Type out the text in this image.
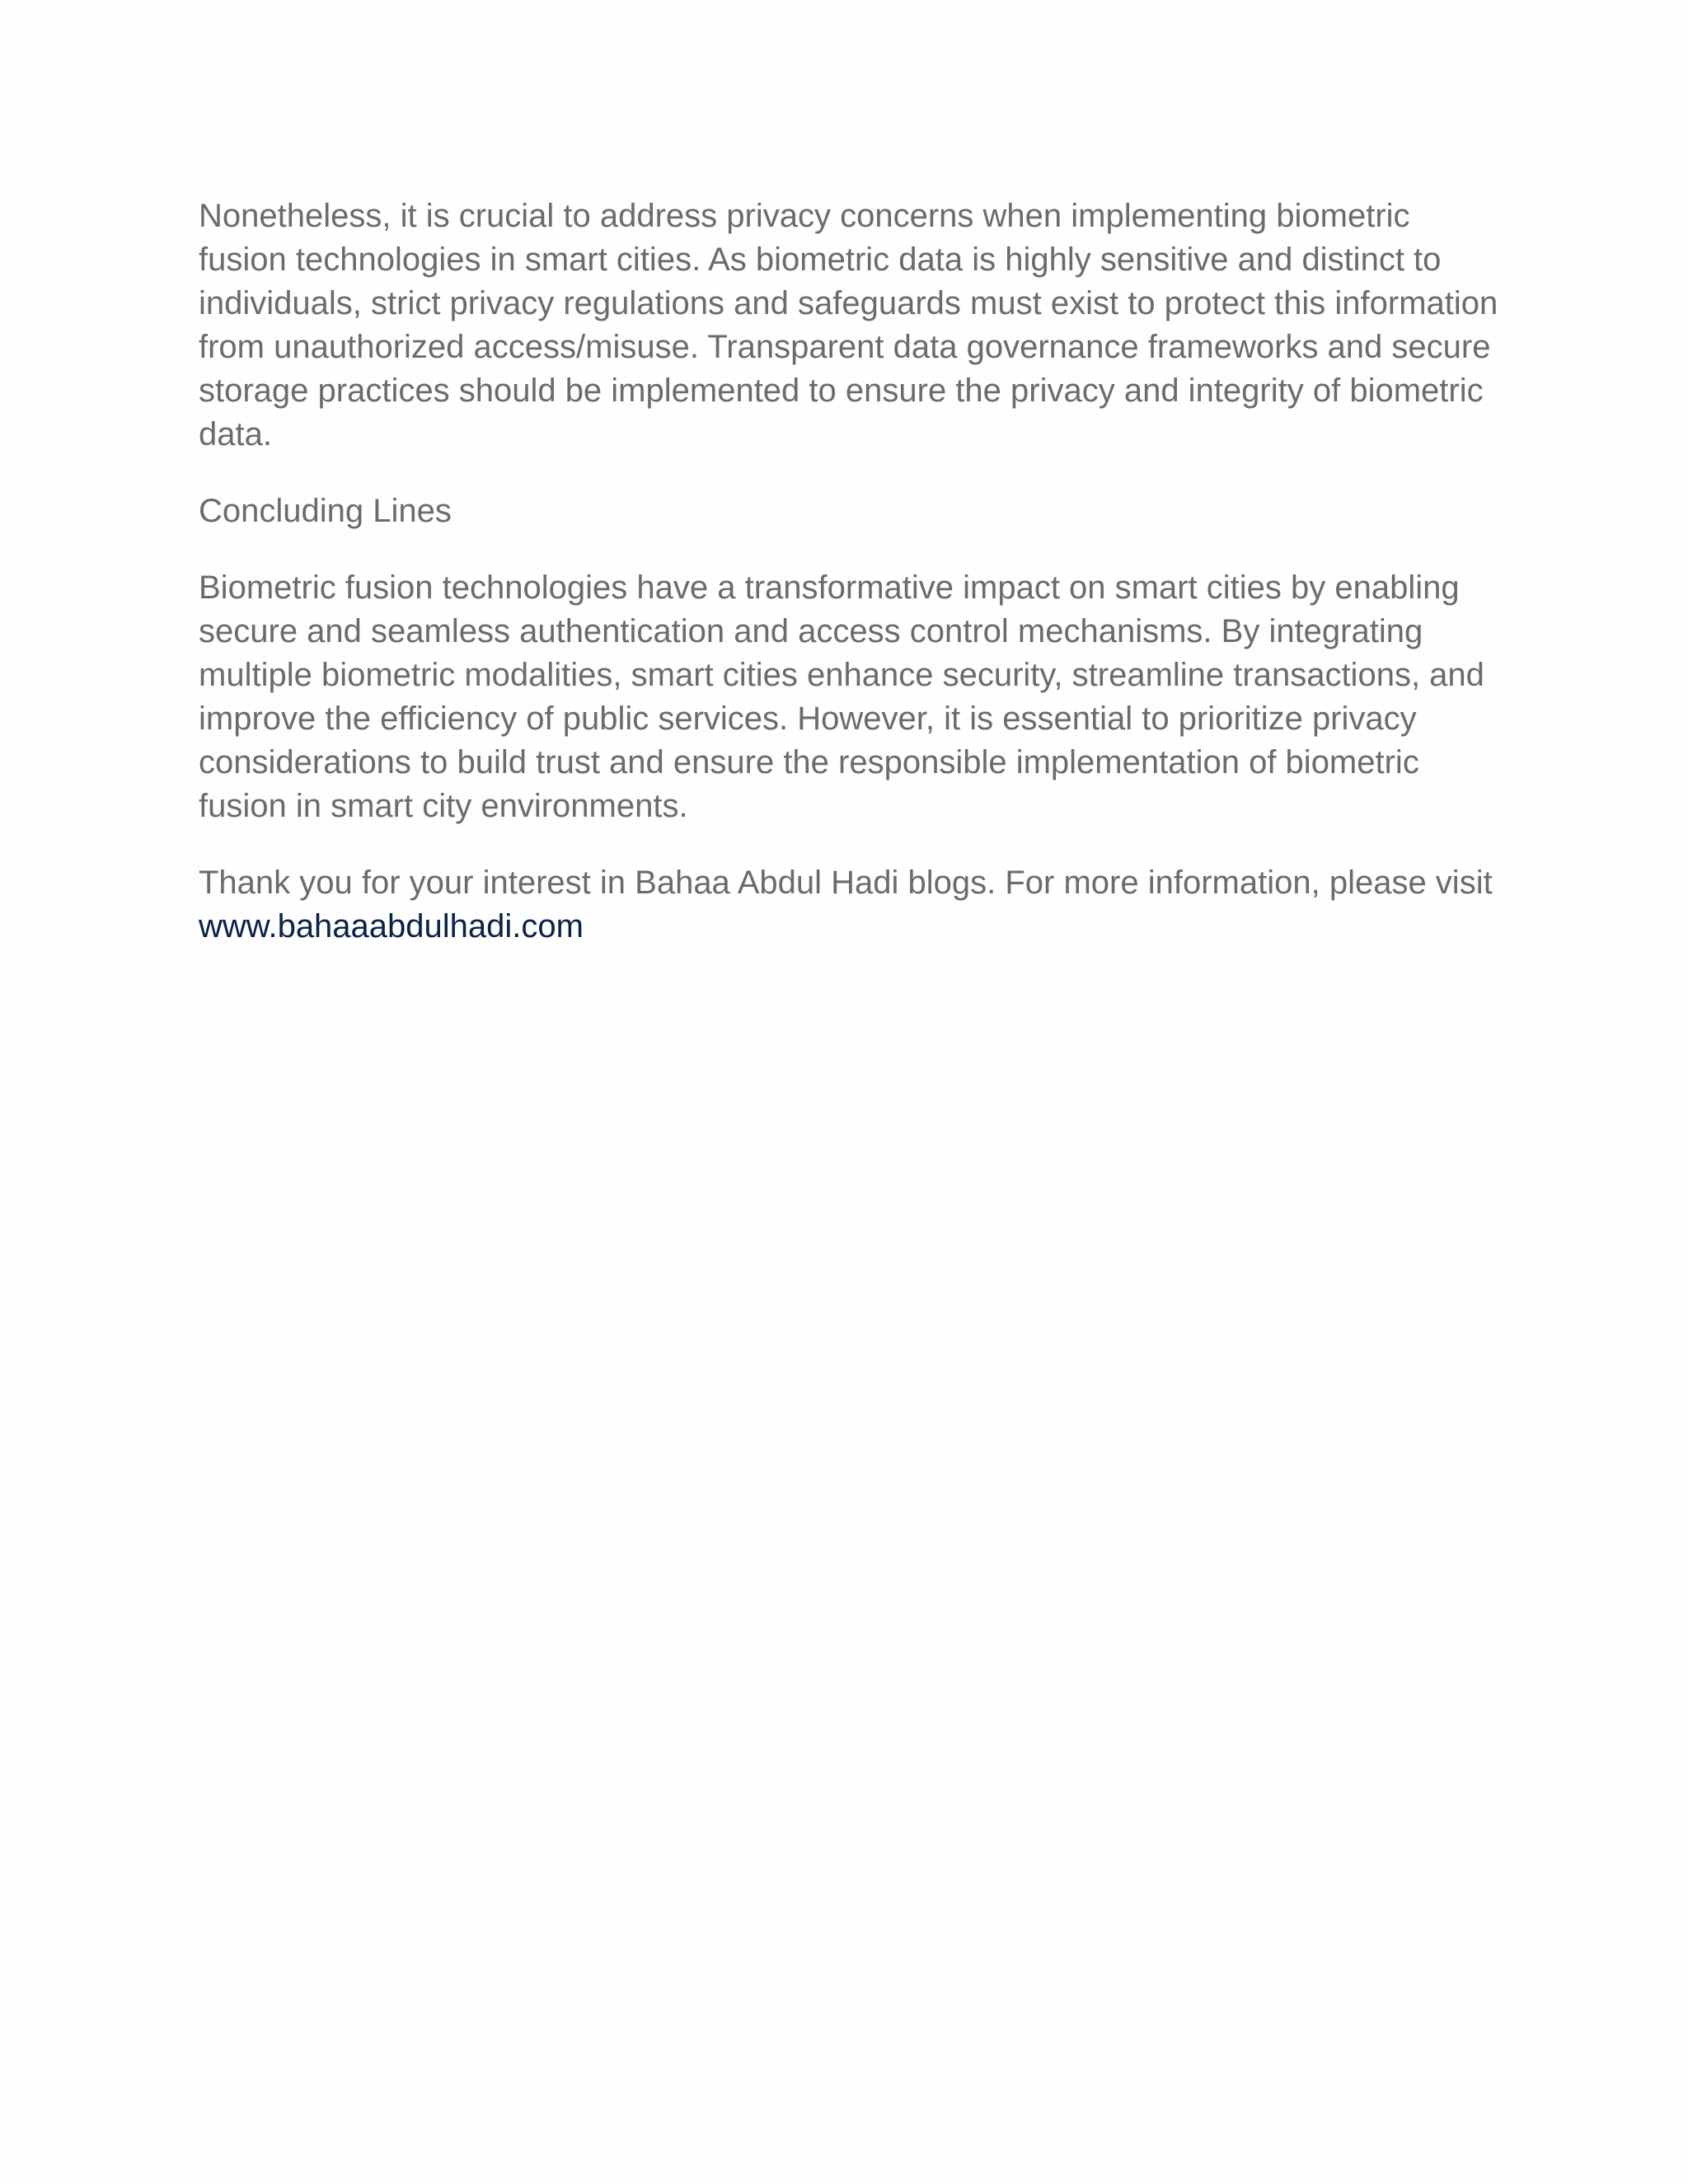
Nonetheless, it is crucial to address privacy concerns when implementing biometric fusion technologies in smart cities. As biometric data is highly sensitive and distinct to individuals, strict privacy regulations and safeguards must exist to protect this information from unauthorized access/misuse. Transparent data governance frameworks and secure storage practices should be implemented to ensure the privacy and integrity of biometric data.

Concluding Lines

Biometric fusion technologies have a transformative impact on smart cities by enabling secure and seamless authentication and access control mechanisms. By integrating multiple biometric modalities, smart cities enhance security, streamline transactions, and improve the efficiency of public services. However, it is essential to prioritize privacy considerations to build trust and ensure the responsible implementation of biometric fusion in smart city environments.

Thank you for your interest in Bahaa Abdul Hadi blogs. For more information, please visit www.bahaaabdulhadi.com
